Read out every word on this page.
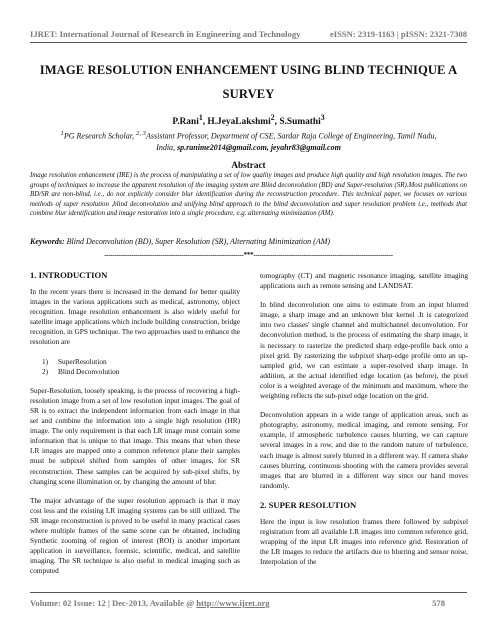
IJRET: International Journal of Research in Engineering and Technology	eISSN: 2319-1163 | pISSN: 2321-7308
IMAGE RESOLUTION ENHANCEMENT USING BLIND TECHNIQUE A SURVEY
P.Rani$^1$, H.JeyaLakshmi$^2$, S.Sumathi$^3$
$^1$PG Research Scholar, $^{2, 3}$Assistant Professor, Department of CSE, Sardar Raja College of Engineering, Tamil Nadu,
India, sp.ranime2014@gmail.com, jeyahr83@gmail.com
Abstract
Image resolution enhancement (IRE) is the process of manipulating a set of low quality images and produce high quality and high resolution images. The two groups of techniques to increase the apparent resolution of the imaging system are Blind deconvolution (BD) and Super-resolution (SR).Most publications on BD/SR are non-blind, i.e., do not explicitly consider blur identification during the reconstruction procedure. This technical paper, we focuses on various methods of super resolution ,blind deconvolution and unifying blind approach to the blind deconvolution and super resolution problem i.e., methods that combine blur identification and image restoration into a single procedure, e.g. alternating minimization (AM).
Keywords: Blind Deconvolution (BD), Super Resolution (SR), Alternating Minimization (AM)
-------------------------------------------------------------------***-------------------------------------------------------------------
1. INTRODUCTION

In the recent years there is increased in the demand for better quality images in the various applications such as medical, astronomy, object recognition. Image resolution enhancement is also widely useful for satellite image applications which include building construction, bridge recognition, in GPS technique. The two approaches used to enhance the resolution are

1)	SuperResolution
2)	Blind Deconvolution

Super-Resolution, loosely speaking, is the process of recovering a high-resolution image from a set of low resolution input images. The goal of SR is to extract the independent information from each image in that set and combine the information into a single high resolution (HR) image. The only requirement is that each LR image must contain some information that is unique to that image. This means that when these LR images are mapped onto a common reference plane their samples must be subpixel shifted from samples of other images, for SR reconstruction. These samples can be acquired by sub-pixel shifts, by changing scene illumination or, by changing the amount of blur.

The major advantage of the super resolution approach is that it may cost less and the existing LR imaging systems can be still utilized. The SR image reconstruction is proved to be useful in many practical cases where multiple frames of the same scene can be obtained, including Synthetic zooming of region of interest (ROI) is another important application in surveillance, forensic, scientific, medical, and satellite imaging. The SR technique is also useful in medical imaging such as computed

tomography (CT) and magnetic resonance imaging, satellite imaging applications such as remote sensing and LANDSAT.

In blind deconvolution one aims to estimate from an input blurred image, a sharp image and an unknown blur kernel .It is categorized into two classes' single channel and multichannel deconvolution. For deconvolution method, is the process of estimating the sharp image, it is necessary to rasterize the predicted sharp edge-profile back onto a pixel grid. By rasterizing the subpixel sharp-edge profile onto an up-sampled grid, we can estimate a super-resolved sharp image. In addition, at the actual identified edge location (as before), the pixel color is a weighted average of the minimum and maximum, where the weighting reflects the sub-pixel edge location on the grid.

Deconvolution appears in a wide range of application areas, such as photography, astronomy, medical imaging, and remote sensing. For example, if atmospheric turbulence causes blurring, we can capture several images in a row, and due to the random nature of turbulence, each image is almost surely blurred in a different way. If camera shake causes blurring, continuous shooting with the camera provides several images that are blurred in a different way since our hand moves randomly.

2. SUPER RESOLUTION

Here the input is low resolution frames there followed by subpixel registration from all available LR images into common reference grid, wrapping of the input LR images into reference grid. Restoration of the LR images to reduce the artifacts due to blurring and sensor noise, Interpolation of the

Volume: 02 Issue: 12 | Dec-2013, Available @ http://www.ijret.org	578
